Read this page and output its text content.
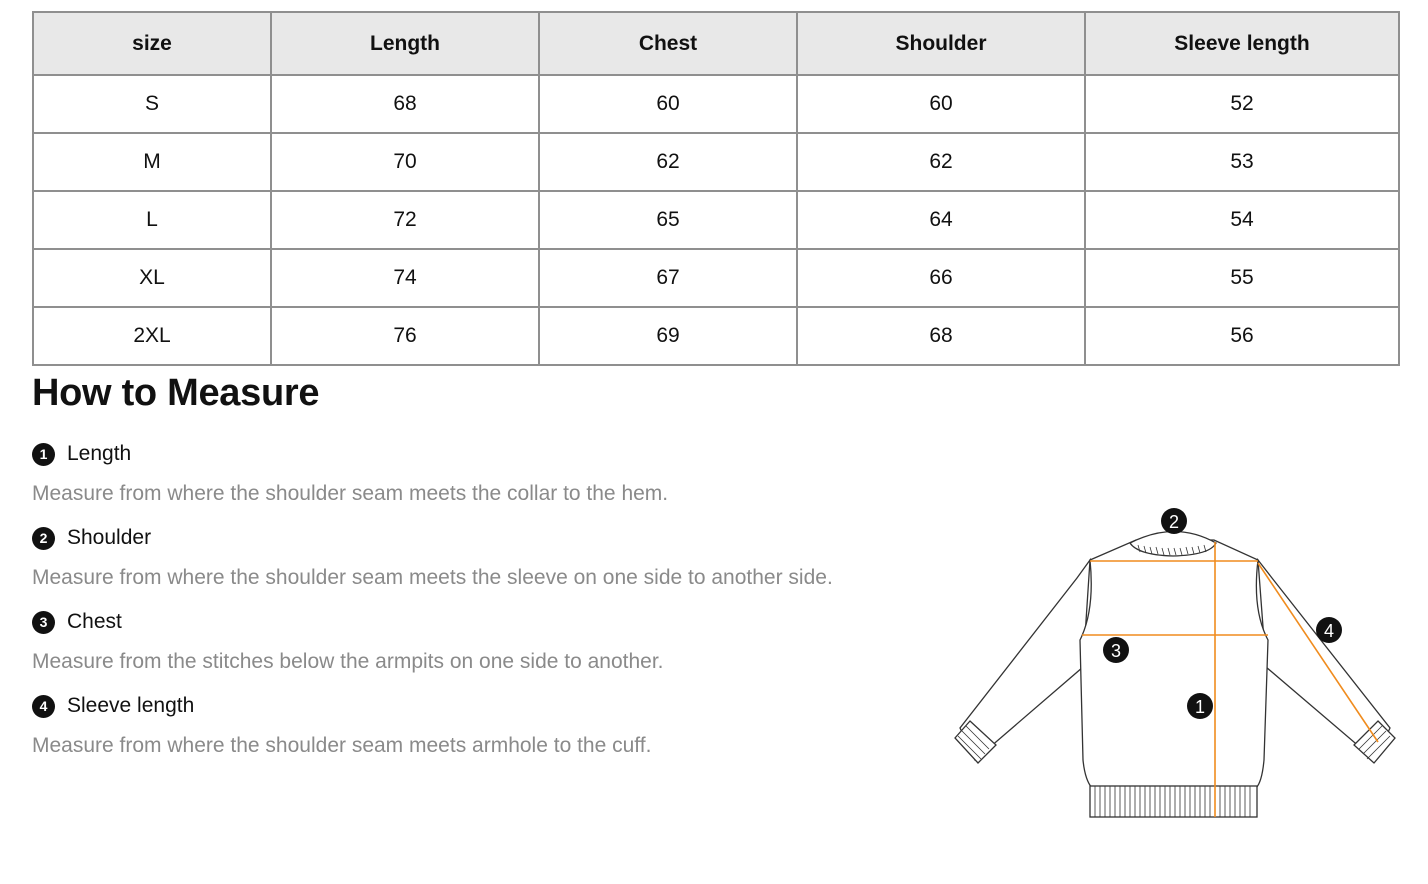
size	Length	Chest	Shoulder	Sleeve length
S	68	60	60	52
M	70	62	62	53
L	72	65	64	54
XL	74	67	66	55
2XL	76	69	68	56
How to Measure
1 Length
Measure from where the shoulder seam meets the collar to the hem.
2 Shoulder
Measure from where the shoulder seam meets the sleeve on one side to another side.
3 Chest
Measure from the stitches below the armpits on one side to another.
4 Sleeve length
Measure from where the shoulder seam meets armhole to the cuff.
2
3
4
1
